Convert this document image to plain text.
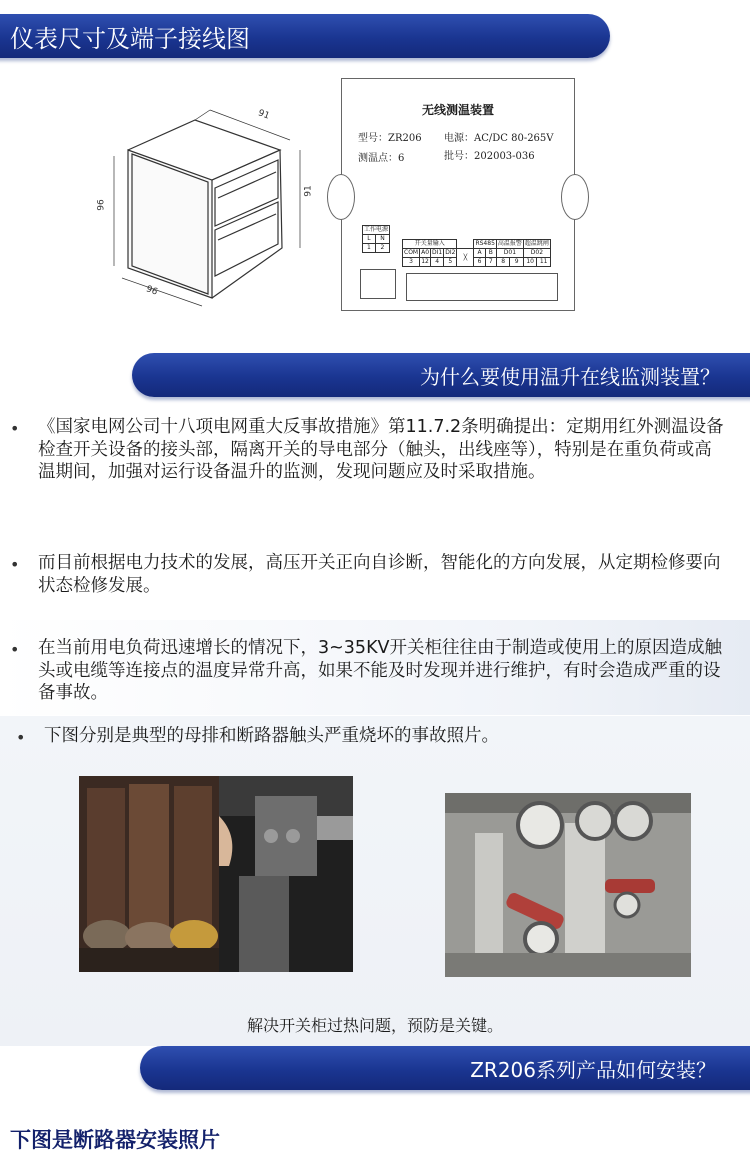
仪表尺寸及端子接线图
91
91
96
96
无线测温装置
型号：ZR206 电源：AC/DC 80-265V
测温点：6	批号：202003-036
工作电源	
L	N
1	2
开关量输入					RS485		高温报警		超温跳闸	
COM	A0	DI1	DI2	╳	A	B	D01		D02	
3	12	4	5		6	7	8	9	10	11
为什么要使用温升在线监测装置？
• 《国家电网公司十八项电网重大反事故措施》第11.7.2条明确提出：定期用红外测温设备检查开关设备的接头部，隔离开关的导电部分（触头，出线座等），特别是在重负荷或高温期间，加强对运行设备温升的监测，发现问题应及时采取措施。
• 而目前根据电力技术的发展，高压开关正向自诊断，智能化的方向发展，从定期检修要向状态检修发展。
• 在当前用电负荷迅速增长的情况下，3~35KV开关柜往往由于制造或使用上的原因造成触头或电缆等连接点的温度异常升高，如果不能及时发现并进行维护，有时会造成严重的设备事故。
• 下图分别是典型的母排和断路器触头严重烧坏的事故照片。
解决开关柜过热问题，预防是关键。
ZR206系列产品如何安装？
下图是断路器安装照片
